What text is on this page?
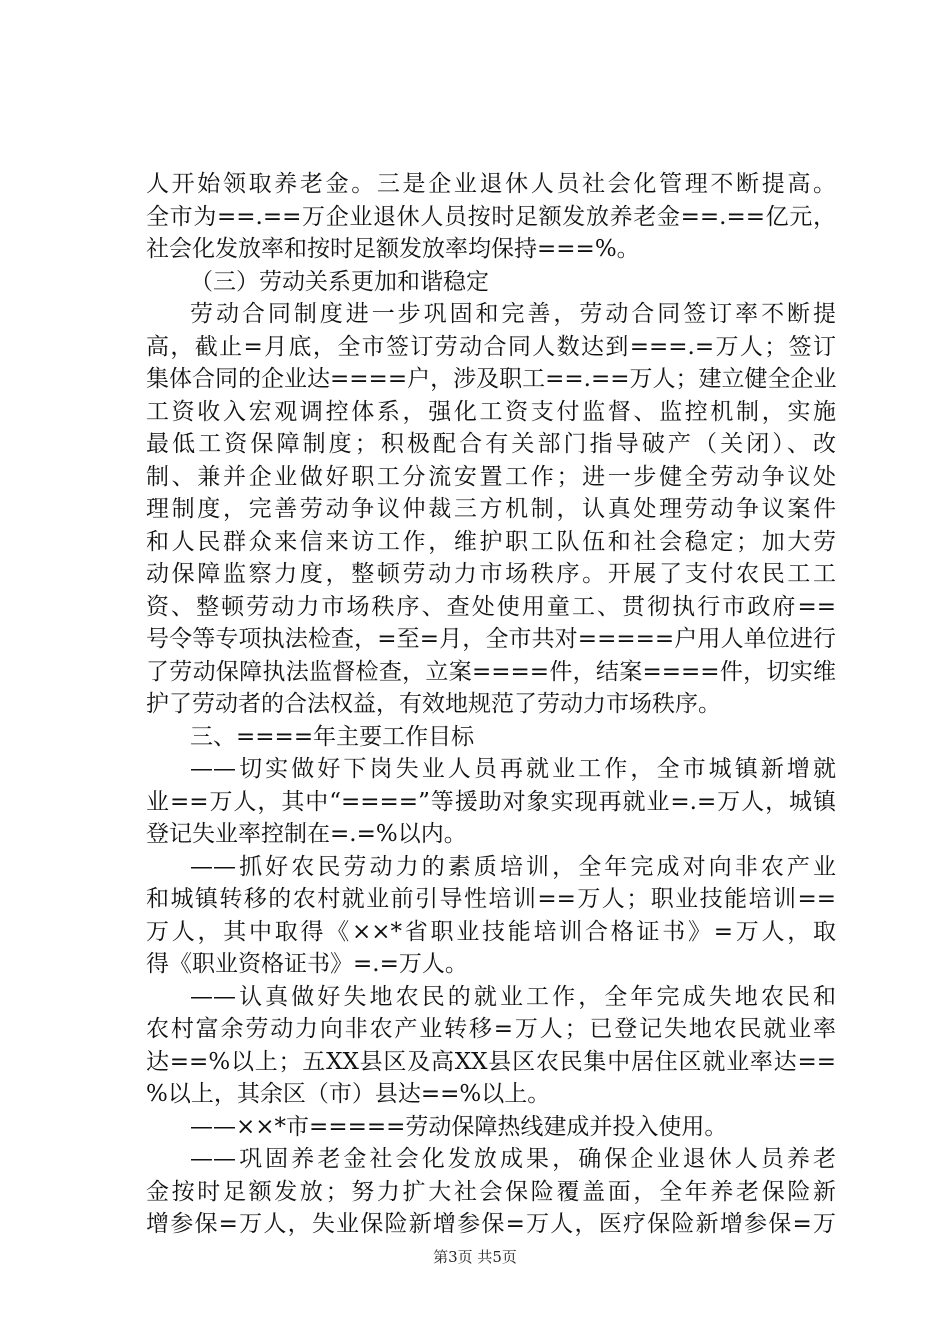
人开始领取养老金。三是企业退休人员社会化管理不断提高。
全市为==.==万企业退休人员按时足额发放养老金==.==亿元，
社会化发放率和按时足额发放率均保持===%。
（三）劳动关系更加和谐稳定
劳动合同制度进一步巩固和完善，劳动合同签订率不断提
高，截止=月底，全市签订劳动合同人数达到===.=万人；签订
集体合同的企业达====户，涉及职工==.==万人；建立健全企业
工资收入宏观调控体系，强化工资支付监督、监控机制，实施
最低工资保障制度；积极配合有关部门指导破产（关闭）、改
制、兼并企业做好职工分流安置工作；进一步健全劳动争议处
理制度，完善劳动争议仲裁三方机制，认真处理劳动争议案件
和人民群众来信来访工作，维护职工队伍和社会稳定；加大劳
动保障监察力度，整顿劳动力市场秩序。开展了支付农民工工
资、整顿劳动力市场秩序、查处使用童工、贯彻执行市政府==
号令等专项执法检查，=至=月，全市共对=====户用人单位进行
了劳动保障执法监督检查，立案====件，结案====件，切实维
护了劳动者的合法权益，有效地规范了劳动力市场秩序。
三、====年主要工作目标
——切实做好下岗失业人员再就业工作，全市城镇新增就
业==万人，其中“====”等援助对象实现再就业=.=万人，城镇
登记失业率控制在=.=%以内。
——抓好农民劳动力的素质培训，全年完成对向非农产业
和城镇转移的农村就业前引导性培训==万人；职业技能培训==
万人，其中取得《××*省职业技能培训合格证书》=万人，取
得《职业资格证书》=.=万人。
——认真做好失地农民的就业工作，全年完成失地农民和
农村富余劳动力向非农产业转移=万人；已登记失地农民就业率
达==%以上；五XX县区及高XX县区农民集中居住区就业率达==
%以上，其余区（市）县达==%以上。
——××*市=====劳动保障热线建成并投入使用。
——巩固养老金社会化发放成果，确保企业退休人员养老
金按时足额发放；努力扩大社会保险覆盖面，全年养老保险新
增参保=万人，失业保险新增参保=万人，医疗保险新增参保=万
第3页 共5页
